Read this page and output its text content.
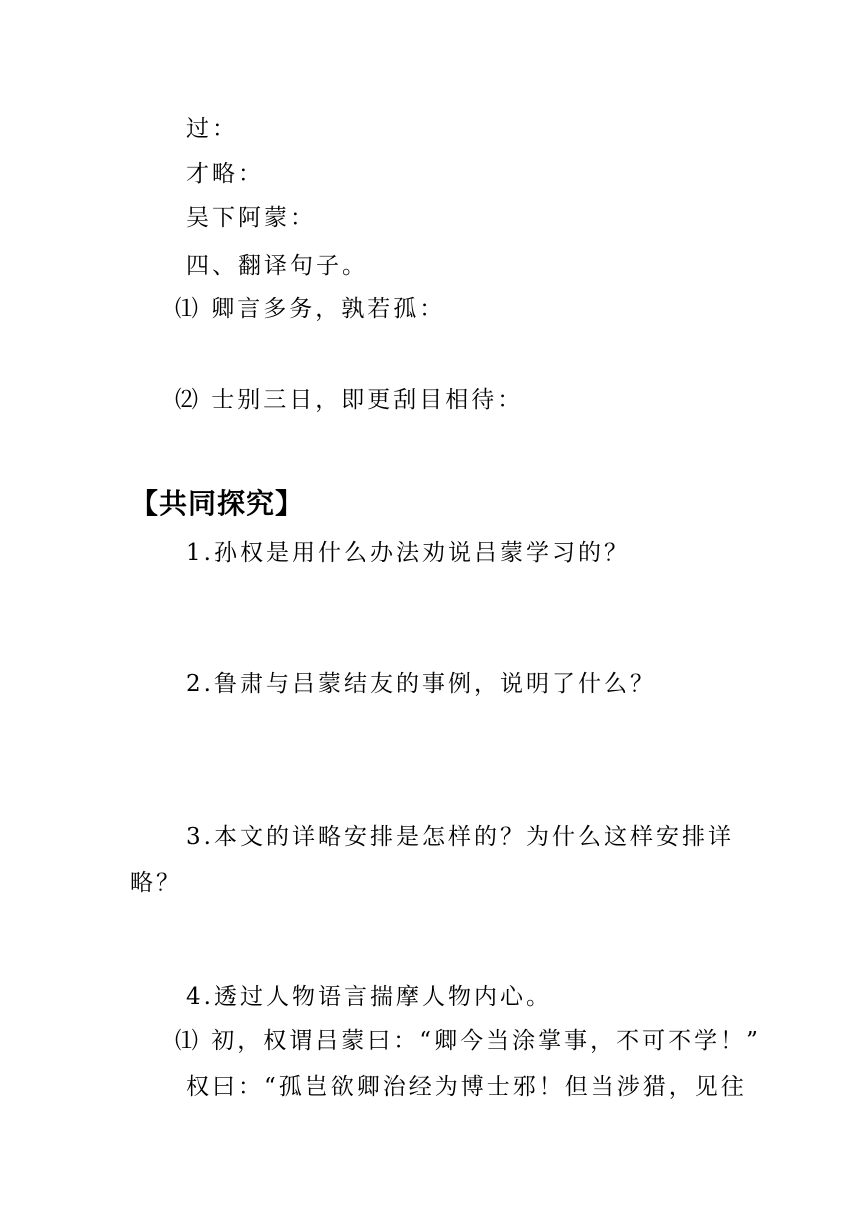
过：
才略：
吴下阿蒙：
四、翻译句子。
⑴ 卿言多务，孰若孤：
⑵ 士别三日，即更刮目相待：
【共同探究】
1.孙权是用什么办法劝说吕蒙学习的？
2.鲁肃与吕蒙结友的事例，说明了什么？
3.本文的详略安排是怎样的？为什么这样安排详
略？
4.透过人物语言揣摩人物内心。
⑴ 初，权谓吕蒙曰：“卿今当涂掌事，不可不学！”
权曰：“孤岂欲卿治经为博士邪！但当涉猎，见往
